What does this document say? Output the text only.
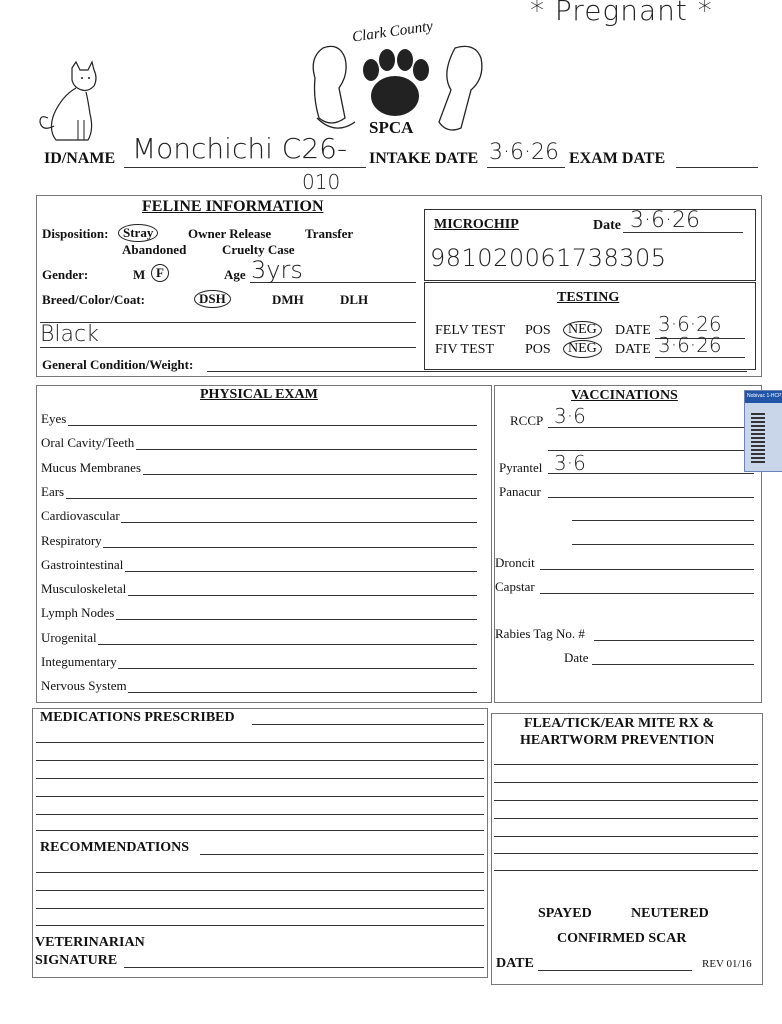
* Pregnant *
Clark County
SPCA
ID/NAME Monchichi C26-
010
INTAKE DATE 3·6·26 EXAM DATE
FELINE INFORMATION
Disposition:	Stray	Owner Release	Transfer
Abandoned	Cruelty Case
Gender:	M F	Age 3yrs
Breed/Color/Coat:	DSH	DMH	DLH
Black
General Condition/Weight:
MICROCHIP	Date 3·6·26
981020061738305
TESTING
FELV TEST POS	NEG	DATE 3·6·26
FIV TEST POS	NEG	DATE 3·6·26
PHYSICAL EXAM
Eyes
Oral Cavity/Teeth
Mucus Membranes
Ears
Cardiovascular
Respiratory
Gastrointestinal
Musculoskeletal
Lymph Nodes
Urogenital
Integumentary
Nervous System
VACCINATIONS
RCCP 3·6
Pyrantel 3·6
Panacur
Droncit
Capstar
Rabies Tag No. #
Date
Nobivac 1-HCP
MEDICATIONS PRESCRIBED
RECOMMENDATIONS
VETERINARIAN
SIGNATURE
FLEA/TICK/EAR MITE RX &
HEARTWORM PREVENTION
SPAYED	NEUTERED
CONFIRMED SCAR
DATE	REV 01/16
